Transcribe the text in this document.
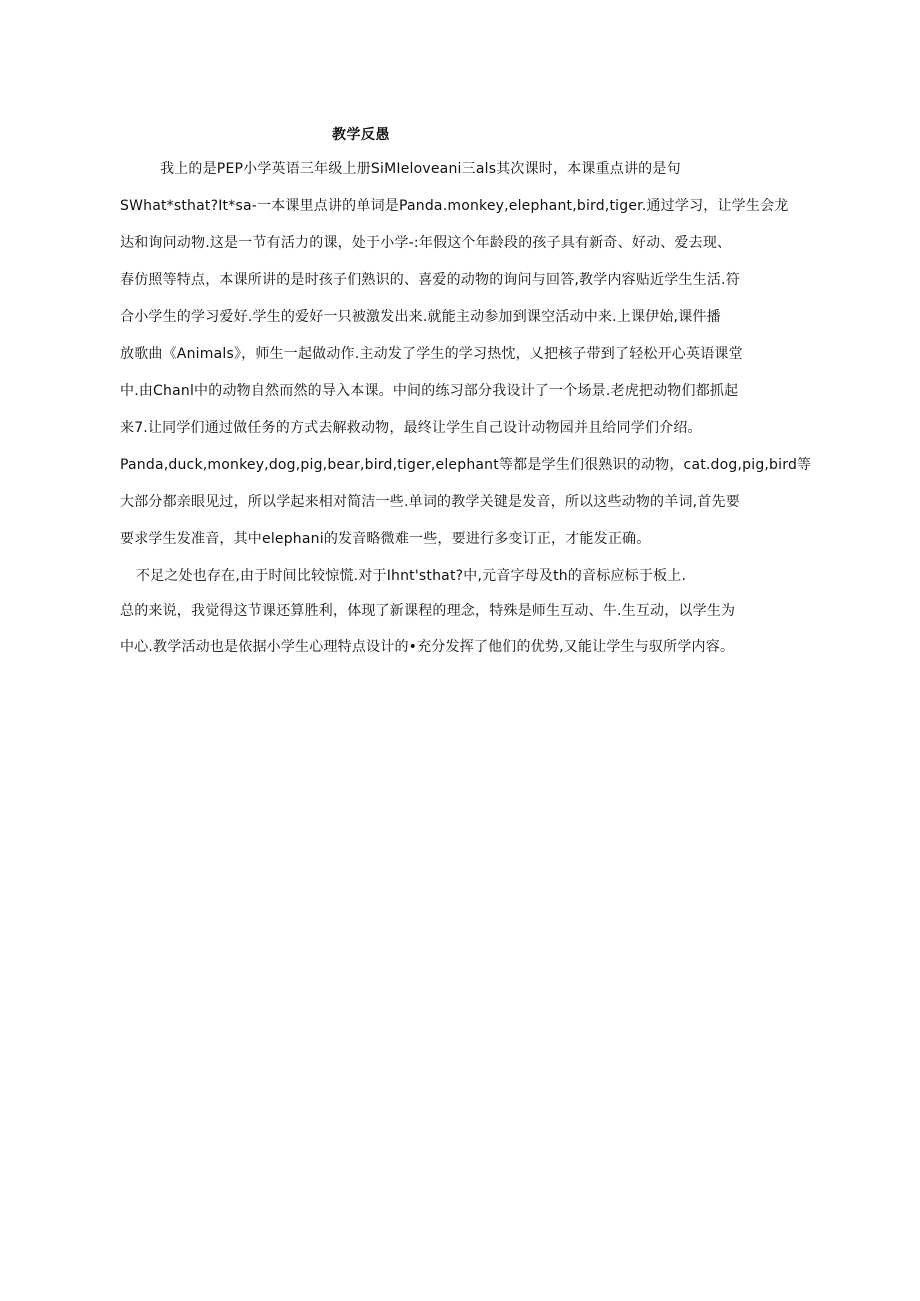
教学反愚
我上的是PEP小学英语三年级上册SiMIeloveani三als其次课时，本课重点讲的是句
SWhat*sthat?It*sa-一本课里点讲的单词是Panda.monkey,elephant,bird,tiger.通过学习，让学生会龙
达和询问动物.这是一节有活力的课，处于小学-:年假这个年龄段的孩子具有新奇、好动、爱去现、
春仿照等特点，本课所讲的是时孩子们熟识的、喜爱的动物的询问与回答,教学内容贴近学生生活.符
合小学生的学习爱好.学生的爱好一只被激发出来.就能主动参加到课空活动中来.上课伊始,课件播
放歌曲《Animals》，师生一起做动作.主动发了学生的学习热忱，乂把核子带到了轻松开心英语课堂
中.由Chanl中的动物自然而然的导入本课。中间的练习部分我设计了一个场景.老虎把动物们都抓起
来7.让同学们通过做任务的方式去解救动物，最终让学生自己设计动物园并且给同学们介绍。
Panda,duck,monkey,dog,pig,bear,bird,tiger,elephant等都是学生们很熟识的动物，cat.dog,pig,bird等
大部分都亲眼见过，所以学起来相对简洁一些.单词的教学关键是发音，所以这些动物的羊词,首先要
要求学生发准音，其中elephani的发音略微难一些，要进行多变订正，才能发正确。
不足之处也存在,由于时间比较惊慌.对于Ihnt'sthat?中,元音字母及th的音标应标于板上.
总的来说，我觉得这节课还算胜利，体现了新课程的理念，特殊是师生互动、牛.生互动，以学生为
中心.教学活动也是依据小学生心理特点设计的•充分发挥了他们的优势,又能让学生与驭所学内容。
